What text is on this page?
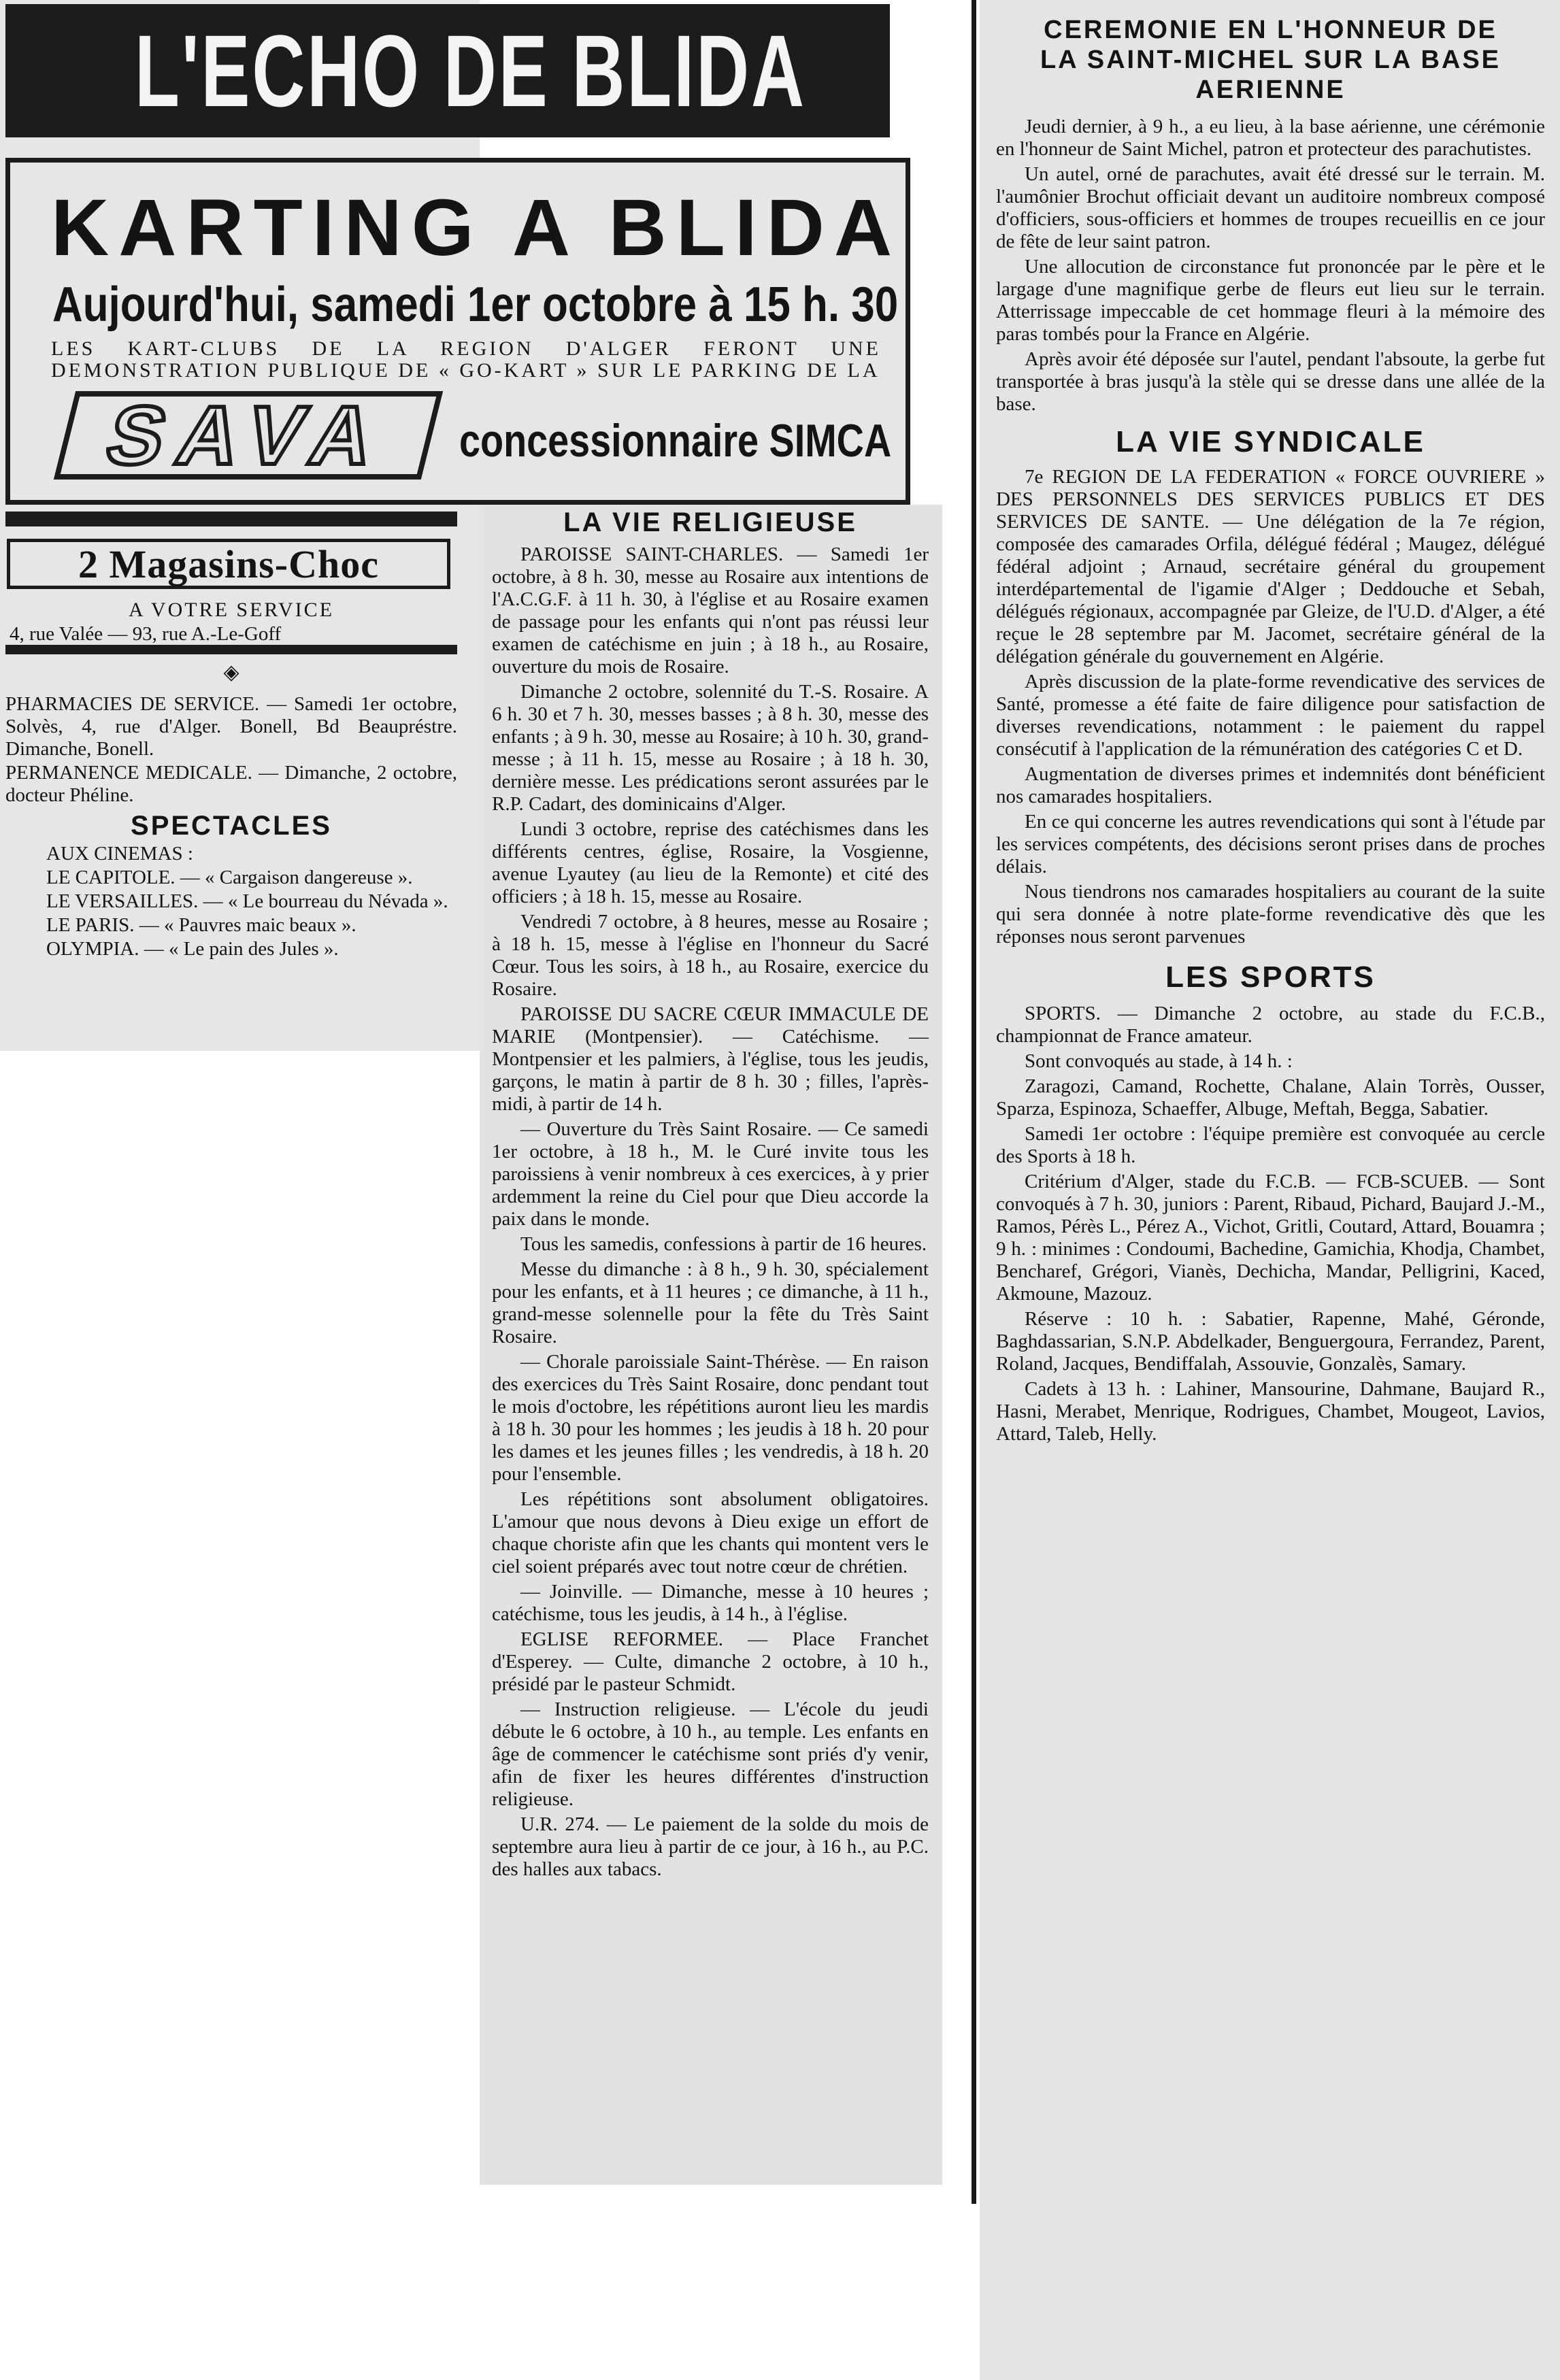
L'ECHO DE BLIDA
KARTING A BLIDA
Aujourd'hui, samedi 1er octobre à 15 h. 30
LES KART-CLUBS DE LA REGION D'ALGER FERONT UNE DEMONSTRATION PUBLIQUE DE « GO-KART » SUR LE PARKING DE LA
SAVA concessionnaire SIMCA
2 Magasins-Choc
A VOTRE SERVICE
4, rue Valée — 93, rue A.-Le-Goff
◈

PHARMACIES DE SERVICE. — Samedi 1er octobre, Solvès, 4, rue d'Alger. Bonell, Bd Beaupréstre. Dimanche, Bonell.

PERMANENCE MEDICALE. — Dimanche, 2 octobre, docteur Phéline.

SPECTACLES

AUX CINEMAS :

LE CAPITOLE. — « Cargaison dangereuse ».

LE VERSAILLES. — « Le bourreau du Névada ».

LE PARIS. — « Pauvres maic beaux ».

OLYMPIA. — « Le pain des Jules ».

LA VIE RELIGIEUSE

PAROISSE SAINT-CHARLES. — Samedi 1er octobre, à 8 h. 30, messe au Rosaire aux intentions de l'A.C.G.F. à 11 h. 30, à l'église et au Rosaire examen de passage pour les enfants qui n'ont pas réussi leur examen de catéchisme en juin ; à 18 h., au Rosaire, ouverture du mois de Rosaire.

Dimanche 2 octobre, solennité du T.-S. Rosaire. A 6 h. 30 et 7 h. 30, messes basses ; à 8 h. 30, messe des enfants ; à 9 h. 30, messe au Rosaire; à 10 h. 30, grand-messe ; à 11 h. 15, messe au Rosaire ; à 18 h. 30, dernière messe. Les prédications seront assurées par le R.P. Cadart, des dominicains d'Alger.

Lundi 3 octobre, reprise des catéchismes dans les différents centres, église, Rosaire, la Vosgienne, avenue Lyautey (au lieu de la Remonte) et cité des officiers ; à 18 h. 15, messe au Rosaire.

Vendredi 7 octobre, à 8 heures, messe au Rosaire ; à 18 h. 15, messe à l'église en l'honneur du Sacré Cœur. Tous les soirs, à 18 h., au Rosaire, exercice du Rosaire.

PAROISSE DU SACRE CŒUR IMMACULE DE MARIE (Montpensier). — Catéchisme. — Montpensier et les palmiers, à l'église, tous les jeudis, garçons, le matin à partir de 8 h. 30 ; filles, l'après-midi, à partir de 14 h.

— Ouverture du Très Saint Rosaire. — Ce samedi 1er octobre, à 18 h., M. le Curé invite tous les paroissiens à venir nombreux à ces exercices, à y prier ardemment la reine du Ciel pour que Dieu accorde la paix dans le monde.

Tous les samedis, confessions à partir de 16 heures.

Messe du dimanche : à 8 h., 9 h. 30, spécialement pour les enfants, et à 11 heures ; ce dimanche, à 11 h., grand-messe solennelle pour la fête du Très Saint Rosaire.

— Chorale paroissiale Saint-Thérèse. — En raison des exercices du Très Saint Rosaire, donc pendant tout le mois d'octobre, les répétitions auront lieu les mardis à 18 h. 30 pour les hommes ; les jeudis à 18 h. 20 pour les dames et les jeunes filles ; les vendredis, à 18 h. 20 pour l'ensemble.

Les répétitions sont absolument obligatoires. L'amour que nous devons à Dieu exige un effort de chaque choriste afin que les chants qui montent vers le ciel soient préparés avec tout notre cœur de chrétien.

— Joinville. — Dimanche, messe à 10 heures ; catéchisme, tous les jeudis, à 14 h., à l'église.

EGLISE REFORMEE. — Place Franchet d'Esperey. — Culte, dimanche 2 octobre, à 10 h., présidé par le pasteur Schmidt.

— Instruction religieuse. — L'école du jeudi débute le 6 octobre, à 10 h., au temple. Les enfants en âge de commencer le catéchisme sont priés d'y venir, afin de fixer les heures différentes d'instruction religieuse.

U.R. 274. — Le paiement de la solde du mois de septembre aura lieu à partir de ce jour, à 16 h., au P.C. des halles aux tabacs.

CEREMONIE EN L'HONNEUR DE LA SAINT-MICHEL SUR LA BASE AERIENNE

Jeudi dernier, à 9 h., a eu lieu, à la base aérienne, une cérémonie en l'honneur de Saint Michel, patron et protecteur des parachutistes.

Un autel, orné de parachutes, avait été dressé sur le terrain. M. l'aumônier Brochut officiait devant un auditoire nombreux composé d'officiers, sous-officiers et hommes de troupes recueillis en ce jour de fête de leur saint patron.

Une allocution de circonstance fut prononcée par le père et le largage d'une magnifique gerbe de fleurs eut lieu sur le terrain. Atterrissage impeccable de cet hommage fleuri à la mémoire des paras tombés pour la France en Algérie.

Après avoir été déposée sur l'autel, pendant l'absoute, la gerbe fut transportée à bras jusqu'à la stèle qui se dresse dans une allée de la base.

LA VIE SYNDICALE

7e REGION DE LA FEDERATION « FORCE OUVRIERE » DES PERSONNELS DES SERVICES PUBLICS ET DES SERVICES DE SANTE. — Une délégation de la 7e région, composée des camarades Orfila, délégué fédéral ; Maugez, délégué fédéral adjoint ; Arnaud, secrétaire général du groupement interdépartemental de l'igamie d'Alger ; Deddouche et Sebah, délégués régionaux, accompagnée par Gleize, de l'U.D. d'Alger, a été reçue le 28 septembre par M. Jacomet, secrétaire général de la délégation générale du gouvernement en Algérie.

Après discussion de la plate-forme revendicative des services de Santé, promesse a été faite de faire diligence pour satisfaction de diverses revendications, notamment : le paiement du rappel consécutif à l'application de la rémunération des catégories C et D.

Augmentation de diverses primes et indemnités dont bénéficient nos camarades hospitaliers.

En ce qui concerne les autres revendications qui sont à l'étude par les services compétents, des décisions seront prises dans de proches délais.

Nous tiendrons nos camarades hospitaliers au courant de la suite qui sera donnée à notre plate-forme revendicative dès que les réponses nous seront parvenues

LES SPORTS

SPORTS. — Dimanche 2 octobre, au stade du F.C.B., championnat de France amateur.

Sont convoqués au stade, à 14 h. :

Zaragozi, Camand, Rochette, Chalane, Alain Torrès, Ousser, Sparza, Espinoza, Schaeffer, Albuge, Meftah, Beggа, Sabatier.

Samedi 1er octobre : l'équipe première est convoquée au cercle des Sports à 18 h.

Critérium d'Alger, stade du F.C.B. — FCB-SCUEB. — Sont convoqués à 7 h. 30, juniors : Parent, Ribaud, Pichard, Baujard J.-M., Ramos, Pérès L., Pérez A., Vichot, Gritli, Coutard, Attard, Bouamra ; 9 h. : minimes : Condoumi, Bachedine, Gamichia, Khodja, Chambet, Bencharef, Grégori, Vianès, Dechicha, Mandar, Pelligrini, Kaced, Akmoune, Mazouz.

Réserve : 10 h. : Sabatier, Rapenne, Mahé, Géronde, Baghdassarian, S.N.P. Abdelkader, Benguergoura, Ferrandez, Parent, Roland, Jacques, Bendiffalah, Assouvie, Gonzalès, Samary.

Cadets à 13 h. : Lahiner, Mansourine, Dahmane, Baujard R., Hasni, Merabet, Menrique, Rodrigues, Chambet, Mougeot, Lavios, Attard, Taleb, Helly.
